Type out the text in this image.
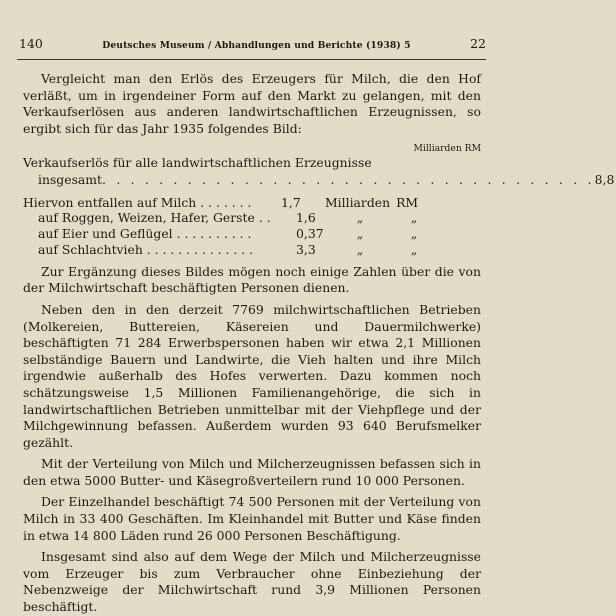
140	Deutsches Museum / Abhandlungen und Berichte (1938) 5	22

Vergleicht man den Erlös des Erzeugers für Milch, die den Hof verläßt, um in irgendeiner Form auf den Markt zu gelangen, mit den Verkaufserlösen aus anderen landwirtschaftlichen Erzeugnissen, so ergibt sich für das Jahr 1935 folgendes Bild:

Milliarden RM
Verkaufserlös für alle landwirtschaftlichen Erzeugnisse
insgesamt . . . . . . . . . . . . . . . . . . . . . . . . . . . . . . . . . . . 8,8
Hiervon entfallen auf Milch . . . . . . .	1,7	Milliarden RM
auf Roggen, Weizen, Hafer, Gerste . .	1,6	„	„
auf Eier und Geflügel . . . . . . . . . .	0,37	„	„
auf Schlachtvieh . . . . . . . . . . . . . .	3,3	„	„

Zur Ergänzung dieses Bildes mögen noch einige Zahlen über die von der Milchwirtschaft beschäftigten Personen dienen.

Neben den in den derzeit 7769 milchwirtschaftlichen Betrieben (Molkereien, Buttereien, Käsereien und Dauermilchwerke) beschäftigten 71 284 Erwerbspersonen haben wir etwa 2,1 Millionen selbständige Bauern und Landwirte, die Vieh halten und ihre Milch irgendwie außerhalb des Hofes verwerten. Dazu kommen noch schätzungsweise 1,5 Millionen Familienangehörige, die sich in landwirtschaftlichen Betrieben unmittelbar mit der Viehpflege und der Milchgewinnung befassen. Außerdem wurden 93 640 Berufsmelker gezählt.

Mit der Verteilung von Milch und Milcherzeugnissen befassen sich in den etwa 5000 Butter- und Käsegroßverteilern rund 10 000 Personen.

Der Einzelhandel beschäftigt 74 500 Personen mit der Verteilung von Milch in 33 400 Geschäften. Im Kleinhandel mit Butter und Käse finden in etwa 14 800 Läden rund 26 000 Personen Beschäftigung.

Insgesamt sind also auf dem Wege der Milch und Milcherzeugnisse vom Erzeuger bis zum Verbraucher ohne Einbeziehung der Nebenzweige der Milchwirtschaft rund 3,9 Millionen Personen beschäftigt.
